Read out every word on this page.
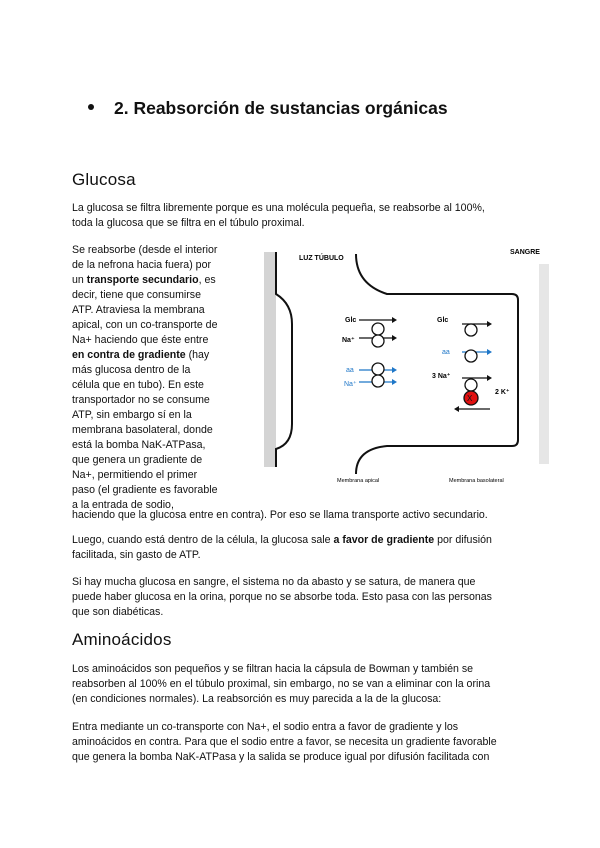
2. Reabsorción de sustancias orgánicas
Glucosa
La glucosa se filtra libremente porque es una molécula pequeña, se reabsorbe al 100%,
toda la glucosa que se filtra en el túbulo proximal.
Se reabsorbe (desde el interior
de la nefrona hacia fuera) por
un transporte secundario, es
decir, tiene que consumirse
ATP. Atraviesa la membrana
apical, con un co-transporte de
Na+ haciendo que éste entre
en contra de gradiente (hay
más glucosa dentro de la
célula que en tubo). En este
transportador no se consume
ATP, sin embargo sí en la
membrana basolateral, donde
está la bomba NaK-ATPasa,
que genera un gradiente de
Na+, permitiendo el primer
paso (el gradiente es favorable
a la entrada de sodio,
LUZ TÚBULO
SANGRE
Glc
Na⁺
aa
Na⁺
Glc
aa
3 Na⁺
X
2 K⁺
Membrana apical	Membrana basolateral
haciendo que la glucosa entre en contra). Por eso se llama transporte activo secundario.
Luego, cuando está dentro de la célula, la glucosa sale a favor de gradiente por difusión
facilitada, sin gasto de ATP.
Si hay mucha glucosa en sangre, el sistema no da abasto y se satura, de manera que
puede haber glucosa en la orina, porque no se absorbe toda. Esto pasa con las personas
que son diabéticas.
Aminoácidos
Los aminoácidos son pequeños y se filtran hacia la cápsula de Bowman y también se
reabsorben al 100% en el túbulo proximal, sin embargo, no se van a eliminar con la orina
(en condiciones normales). La reabsorción es muy parecida a la de la glucosa:
Entra mediante un co-transporte con Na+, el sodio entra a favor de gradiente y los
aminoácidos en contra. Para que el sodio entre a favor, se necesita un gradiente favorable
que genera la bomba NaK-ATPasa y la salida se produce igual por difusión facilitada con
